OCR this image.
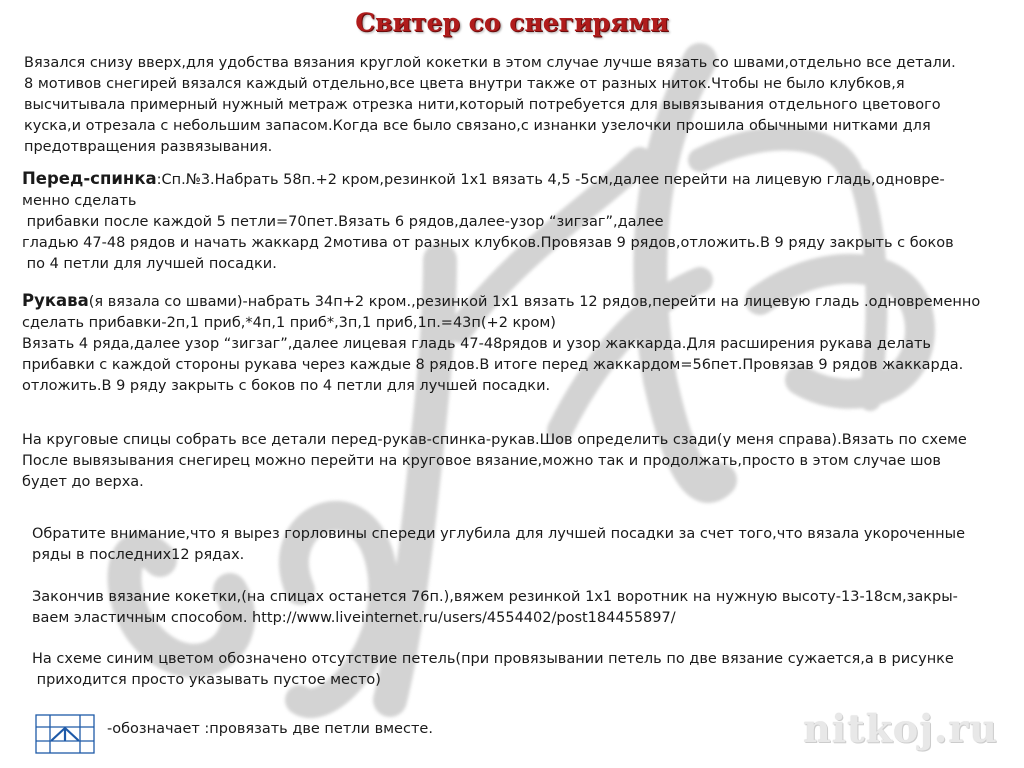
Свитер со снегирями
Вязался снизу вверх,для удобства вязания круглой кокетки в этом случае лучше вязать со швами,отдельно все детали.
8 мотивов снегирей вязался каждый отдельно,все цвета внутри также от разных ниток.Чтобы не было клубков,я
высчитывала примерный нужный метраж отрезка нити,который потребуется для вывязывания отдельного цветового
куска,и отрезала с небольшим запасом.Когда все было связано,с изнанки узелочки прошила обычными нитками для
предотвращения развязывания.
Перед-спинка:Сп.№3.Набрать 58п.+2 кром,резинкой 1х1 вязать 4,5 -5см,далее перейти на лицевую гладь,одновре-
менно сделать
прибавки после каждой 5 петли=70пет.Вязать 6 рядов,далее-узор “зигзаг”,далее
гладью 47-48 рядов и начать жаккард 2мотива от разных клубков.Провязав 9 рядов,отложить.В 9 ряду закрыть с боков
по 4 петли для лучшей посадки.
Рукава(я вязала со швами)-набрать 34п+2 кром.,резинкой 1х1 вязать 12 рядов,перейти на лицевую гладь .одновременно
сделать прибавки-2п,1 приб,*4п,1 приб*,3п,1 приб,1п.=43п(+2 кром)
Вязать 4 ряда,далее узор “зигзаг”,далее лицевая гладь 47-48рядов и узор жаккарда.Для расширения рукава делать
прибавки с каждой стороны рукава через каждые 8 рядов.В итоге перед жаккардом=56пет.Провязав 9 рядов жаккарда.
отложить.В 9 ряду закрыть с боков по 4 петли для лучшей посадки.
На круговые спицы собрать все детали перед-рукав-спинка-рукав.Шов определить сзади(у меня справа).Вязать по схеме
После вывязывания снегирец можно перейти на круговое вязание,можно так и продолжать,просто в этом случае шов
будет до верха.
Обратите внимание,что я вырез горловины спереди углубила для лучшей посадки за счет того,что вязала укороченные
ряды в последних12 рядах.
Закончив вязание кокетки,(на спицах останется 76п.),вяжем резинкой 1х1 воротник на нужную высоту-13-18см,закры-
ваем эластичным способом. http://www.liveinternet.ru/users/4554402/post184455897/
На схеме синим цветом обозначено отсутствие петель(при провязывании петель по две вязание сужается,а в рисунке
приходится просто указывать пустое место)
-обозначает :провязать две петли вместе.	nitkoj.ru
